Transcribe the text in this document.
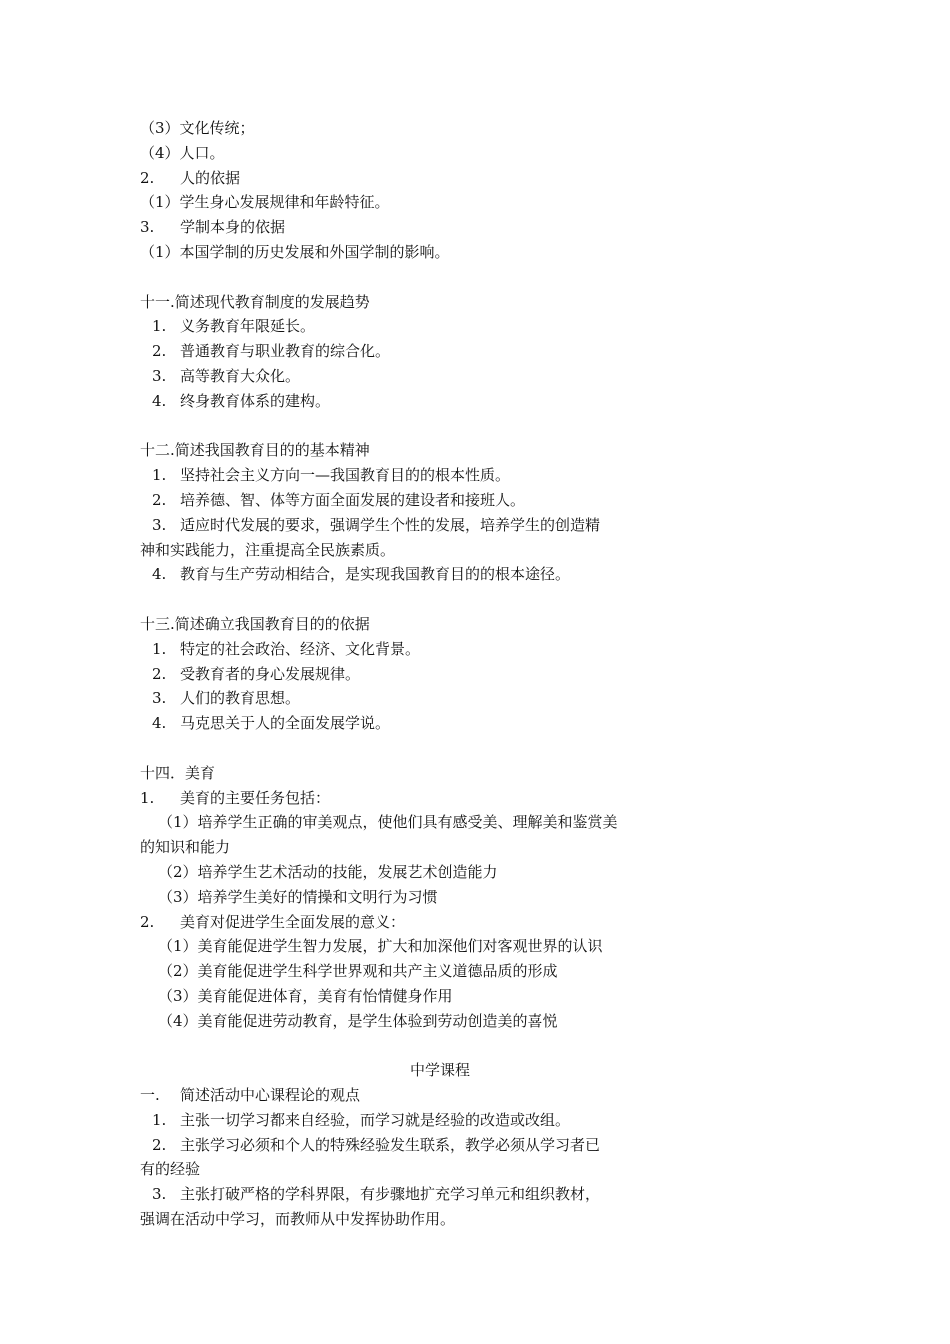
（3）文化传统；
（4）人口。
2. 人的依据
（1）学生身心发展规律和年龄特征。
3. 学制本身的依据
（1）本国学制的历史发展和外国学制的影响。
十一.简述现代教育制度的发展趋势
1. 义务教育年限延长。
2. 普通教育与职业教育的综合化。
3. 高等教育大众化。
4. 终身教育体系的建构。
十二.简述我国教育目的的基本精神
1. 坚持社会主义方向一—我国教育目的的根本性质。
2. 培养德、智、体等方面全面发展的建设者和接班人。
3. 适应时代发展的要求，强调学生个性的发展，培养学生的创造精
神和实践能力，注重提高全民族素质。
4. 教育与生产劳动相结合，是实现我国教育目的的根本途径。
十三.简述确立我国教育目的的依据
1. 特定的社会政治、经济、文化背景。
2. 受教育者的身心发展规律。
3. 人们的教育思想。
4. 马克思关于人的全面发展学说。
十四．美育
1. 美育的主要任务包括：
（1）培养学生正确的审美观点，使他们具有感受美、理解美和鉴赏美
的知识和能力
（2）培养学生艺术活动的技能，发展艺术创造能力
（3）培养学生美好的情操和文明行为习惯
2. 美育对促进学生全面发展的意义：
（1）美育能促进学生智力发展，扩大和加深他们对客观世界的认识
（2）美育能促进学生科学世界观和共产主义道德品质的形成
（3）美育能促进体育，美育有怡情健身作用
（4）美育能促进劳动教育，是学生体验到劳动创造美的喜悦
中学课程
一. 简述活动中心课程论的观点
1. 主张一切学习都来自经验，而学习就是经验的改造或改组。
2. 主张学习必须和个人的特殊经验发生联系，教学必须从学习者已
有的经验
3. 主张打破严格的学科界限，有步骤地扩充学习单元和组织教材，
强调在活动中学习，而教师从中发挥协助作用。
